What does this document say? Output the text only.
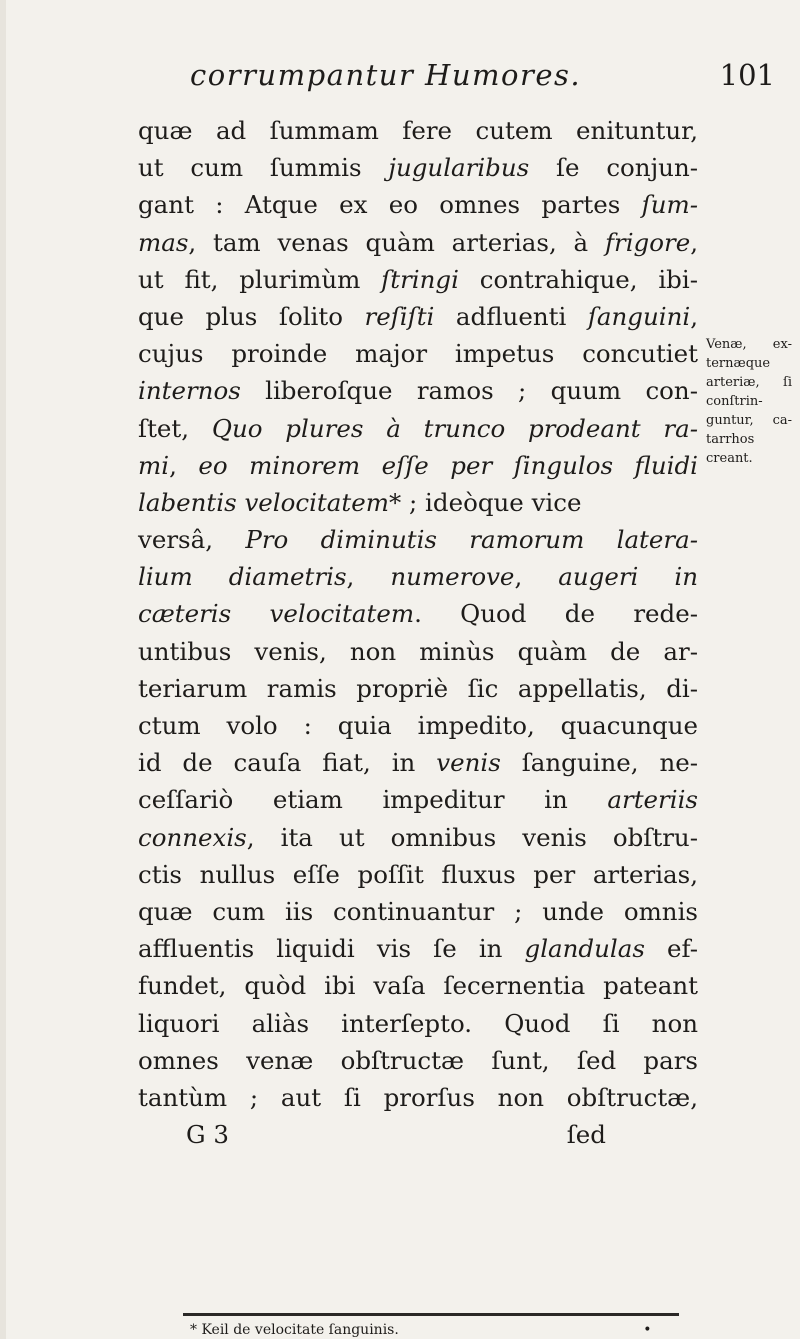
corrumpantur Humores.	101
quæ ad ſummam fere cutem enituntur,
ut cum ſummis jugularibus ſe conjun-
gant : Atque ex eo omnes partes ſum-
mas, tam venas quàm arterias, à frigore,
ut fit, plurimùm ſtringi contrahique, ibi-
que plus ſolito reſiſti adfluenti ſanguini,
cujus proinde major impetus concutiet
internos liberoſque ramos ; quum con-
ſtet, Quo plures à trunco prodeant ra-
mi, eo minorem eſſe per ſingulos fluidi
labentis velocitatem* ; ideòque vice
versâ, Pro diminutis ramorum latera-
lium diametris, numerove, augeri in
cæteris velocitatem. Quod de rede-
untibus venis, non minùs quàm de ar-
teriarum ramis propriè ſic appellatis, di-
ctum volo : quia impedito, quacunque
id de cauſa fiat, in venis ſanguine, ne-
ceſſariò etiam impeditur in arteriis
connexis, ita ut omnibus venis obſtru-
ctis nullus eſſe poſſit fluxus per arterias,
quæ cum iis continuantur ; unde omnis
affluentis liquidi vis ſe in glandulas ef-
fundet, quòd ibi vaſa ſecernentia pateant
liquori aliàs interſepto. Quod ſi non
omnes venæ obſtructæ ſunt, ſed pars
tantùm ; aut ſi prorſus non obſtructæ,
G 3	ſed
Venæ, ex-
ternæque
arteriæ, ſi
conſtrin-
guntur, ca-
tarrhos
creant.
* Keil de velocitate ſanguinis.	•
